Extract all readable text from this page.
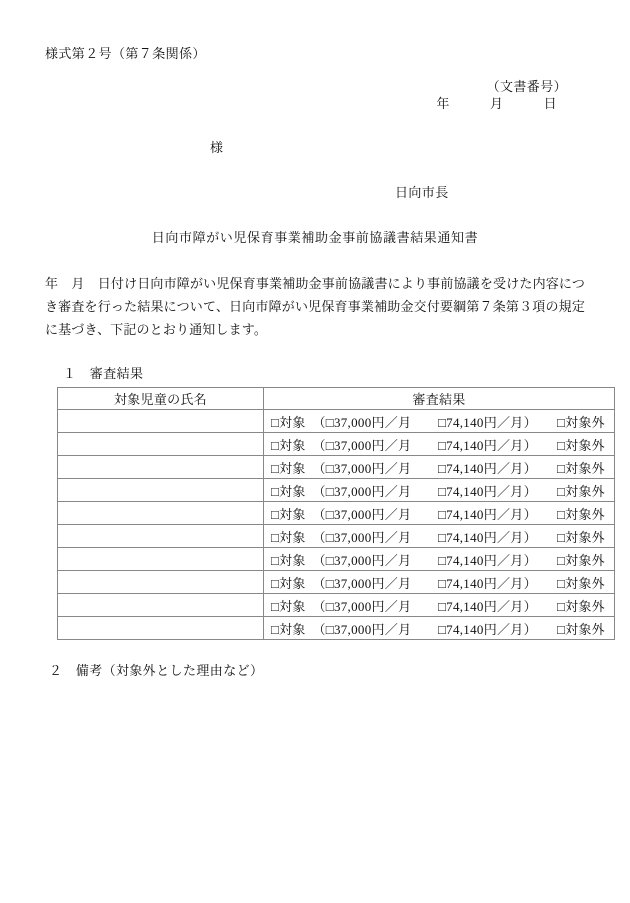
様式第２号（第７条関係）
（文書番号）
年　　　月　　　日
様
日向市長
日向市障がい児保育事業補助金事前協議書結果通知書

年　月　日付け日向市障がい児保育事業補助金事前協議書により事前協議を受けた内容につき審査を行った結果について、日向市障がい児保育事業補助金交付要綱第７条第３項の規定に基づき、下記のとおり通知します。

１　審査結果
対象児童の氏名	審査結果
	□対象　（□37,000円／月　　□74,140円／月）　　□対象外
	□対象　（□37,000円／月　　□74,140円／月）　　□対象外
	□対象　（□37,000円／月　　□74,140円／月）　　□対象外
	□対象　（□37,000円／月　　□74,140円／月）　　□対象外
	□対象　（□37,000円／月　　□74,140円／月）　　□対象外
	□対象　（□37,000円／月　　□74,140円／月）　　□対象外
	□対象　（□37,000円／月　　□74,140円／月）　　□対象外
	□対象　（□37,000円／月　　□74,140円／月）　　□対象外
	□対象　（□37,000円／月　　□74,140円／月）　　□対象外
	□対象　（□37,000円／月　　□74,140円／月）　　□対象外
２　備考（対象外とした理由など）
